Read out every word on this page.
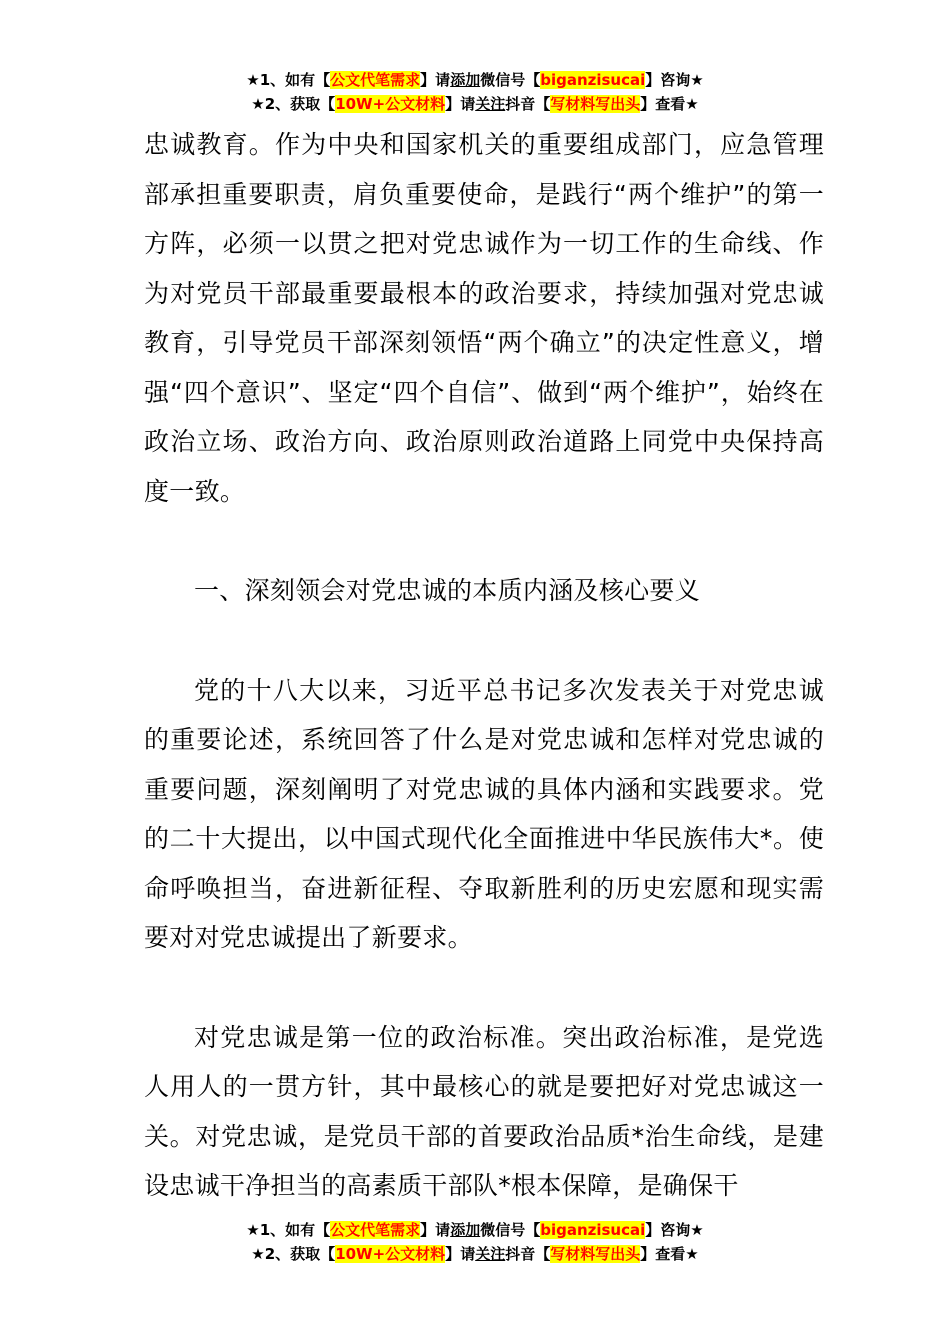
★1、如有【公文代笔需求】请添加微信号【biganzisucai】咨询★
★2、获取【10W+公文材料】请关注抖音【写材料写出头】查看★

忠诚教育。作为中央和国家机关的重要组成部门，应急管理部承担重要职责，肩负重要使命，是践行“两个维护”的第一方阵，必须一以贯之把对党忠诚作为一切工作的生命线、作为对党员干部最重要最根本的政治要求，持续加强对党忠诚教育，引导党员干部深刻领悟“两个确立”的决定性意义，增强“四个意识”、坚定“四个自信”、做到“两个维护”，始终在政治立场、政治方向、政治原则政治道路上同党中央保持高度一致。

一、深刻领会对党忠诚的本质内涵及核心要义

党的十八大以来，习近平总书记多次发表关于对党忠诚的重要论述，系统回答了什么是对党忠诚和怎样对党忠诚的重要问题，深刻阐明了对党忠诚的具体内涵和实践要求。党的二十大提出，以中国式现代化全面推进中华民族伟大*。使命呼唤担当，奋进新征程、夺取新胜利的历史宏愿和现实需要对对党忠诚提出了新要求。

对党忠诚是第一位的政治标准。突出政治标准，是党选人用人的一贯方针，其中最核心的就是要把好对党忠诚这一关。对党忠诚，是党员干部的首要政治品质*治生命线，是建设忠诚干净担当的高素质干部队*根本保障，是确保干

★1、如有【公文代笔需求】请添加微信号【biganzisucai】咨询★
★2、获取【10W+公文材料】请关注抖音【写材料写出头】查看★
